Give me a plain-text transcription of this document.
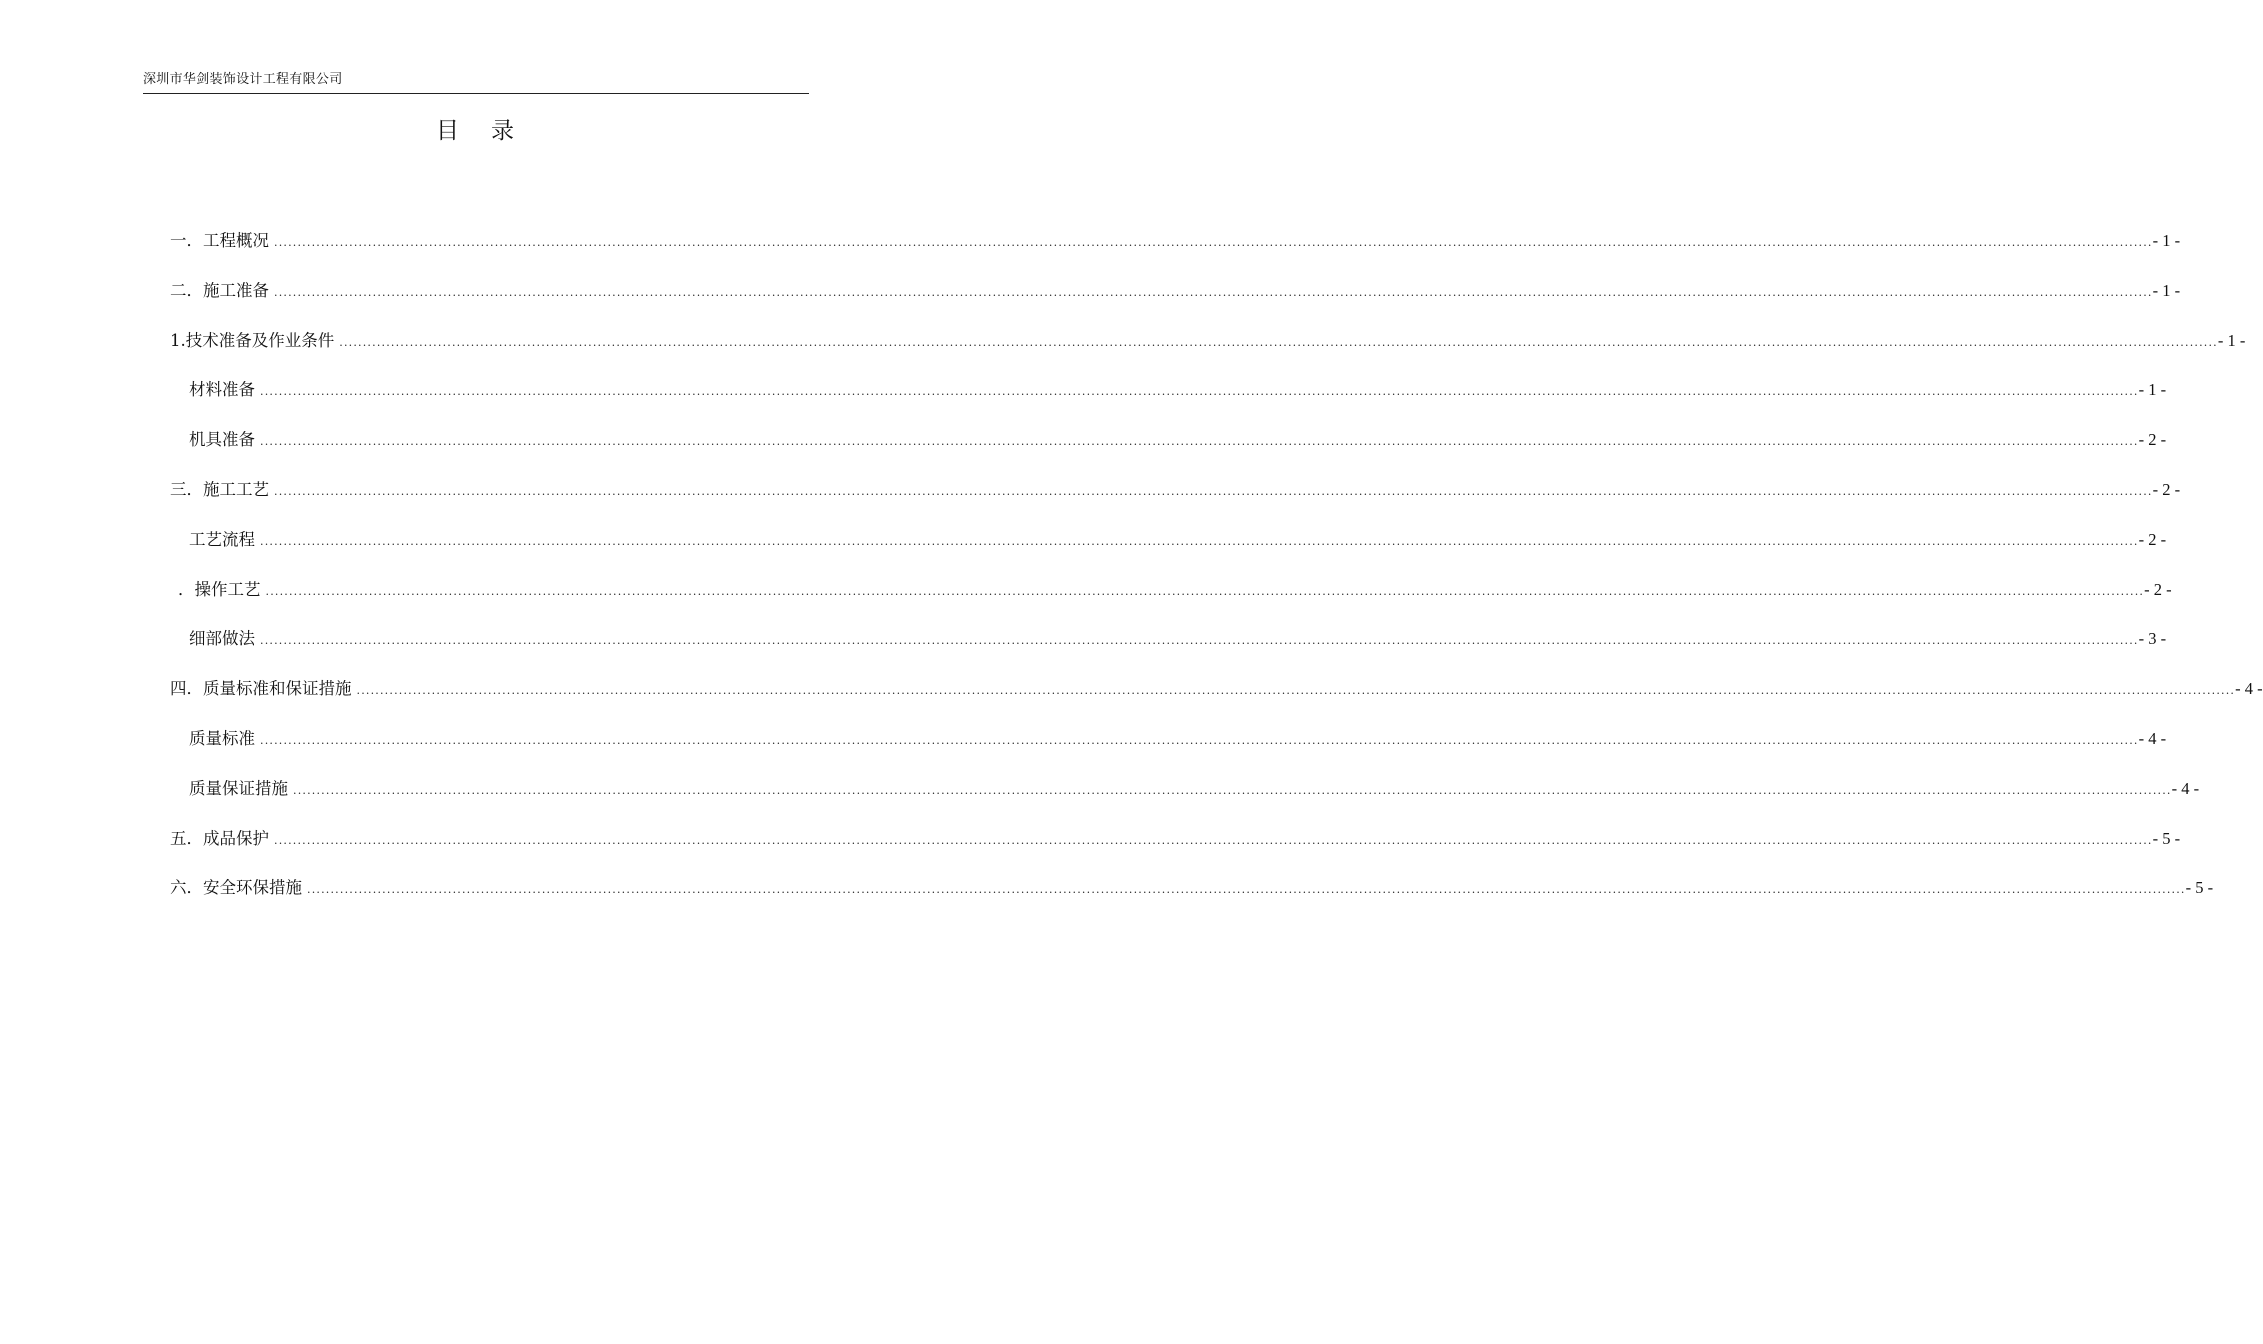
深圳市华剑装饰设计工程有限公司
目录
一．工程概况 ................................................................................................................................................................................................................................................................................................................................................................................................................ - 1 -
二．施工准备 ................................................................................................................................................................................................................................................................................................................................................................................................................ - 1 -
1.技术准备及作业条件 ................................................................................................................................................................................................................................................................................................................................................................................................................ - 1 -
材料准备 ................................................................................................................................................................................................................................................................................................................................................................................................................ - 1 -
机具准备 ................................................................................................................................................................................................................................................................................................................................................................................................................ - 2 -
三．施工工艺 ................................................................................................................................................................................................................................................................................................................................................................................................................ - 2 -
工艺流程 ................................................................................................................................................................................................................................................................................................................................................................................................................ - 2 -
．操作工艺 ................................................................................................................................................................................................................................................................................................................................................................................................................ - 2 -
细部做法 ................................................................................................................................................................................................................................................................................................................................................................................................................ - 3 -
四．质量标准和保证措施 ................................................................................................................................................................................................................................................................................................................................................................................................................ - 4 -
质量标准 ................................................................................................................................................................................................................................................................................................................................................................................................................ - 4 -
质量保证措施 ................................................................................................................................................................................................................................................................................................................................................................................................................ - 4 -
五．成品保护 ................................................................................................................................................................................................................................................................................................................................................................................................................ - 5 -
六．安全环保措施 ................................................................................................................................................................................................................................................................................................................................................................................................................ - 5 -
